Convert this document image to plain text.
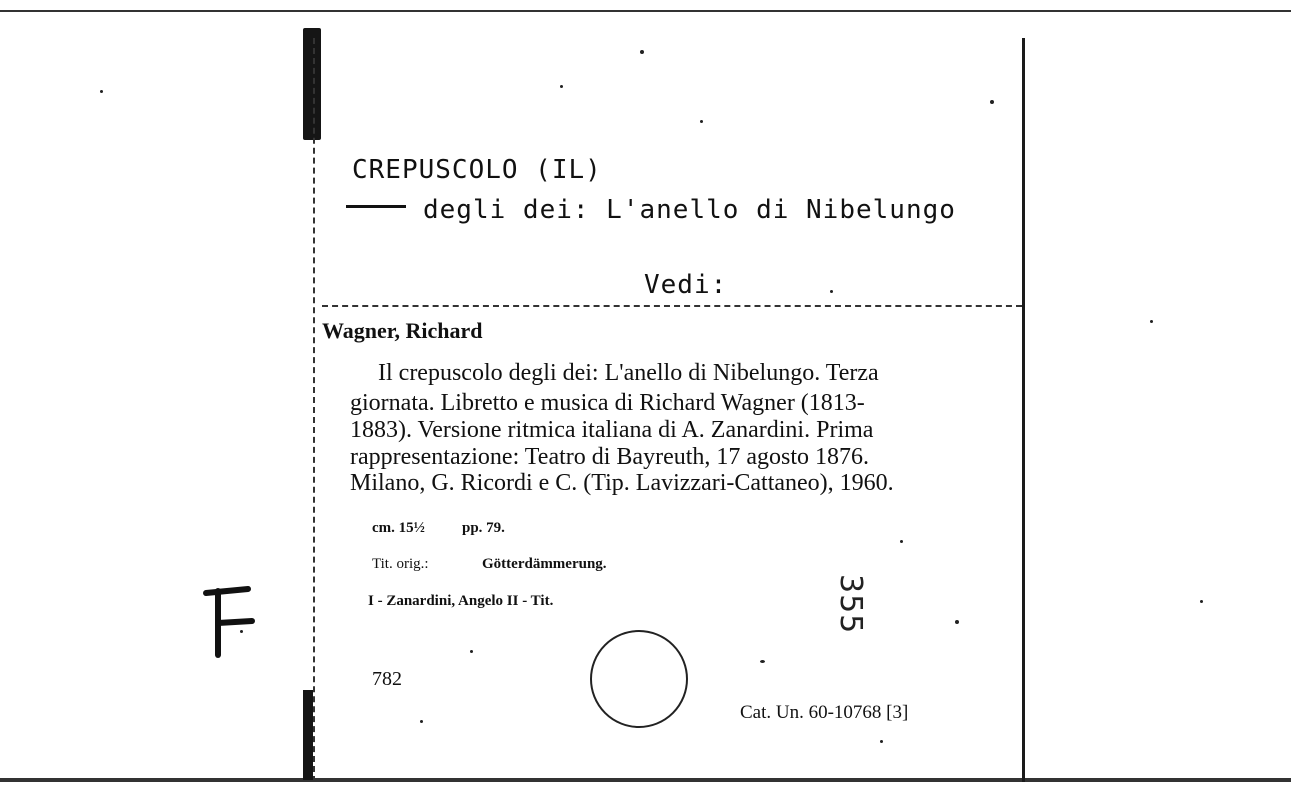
CREPUSCOLO (IL)
degli dei: L'anello di Nibelungo
Vedi:
Wagner, Richard
Il crepuscolo degli dei: L'anello di Nibelungo. Terza
giornata. Libretto e musica di Richard Wagner (1813-
1883). Versione ritmica italiana di A. Zanardini. Prima
rappresentazione: Teatro di Bayreuth, 17 agosto 1876.
Milano, G. Ricordi e C. (Tip. Lavizzari-Cattaneo), 1960.
cm. 15½ pp. 79.
Tit. orig.:	Götterdämmerung.
I - Zanardini, Angelo II - Tit.
782
Cat. Un. 60-10768 [3]
355
